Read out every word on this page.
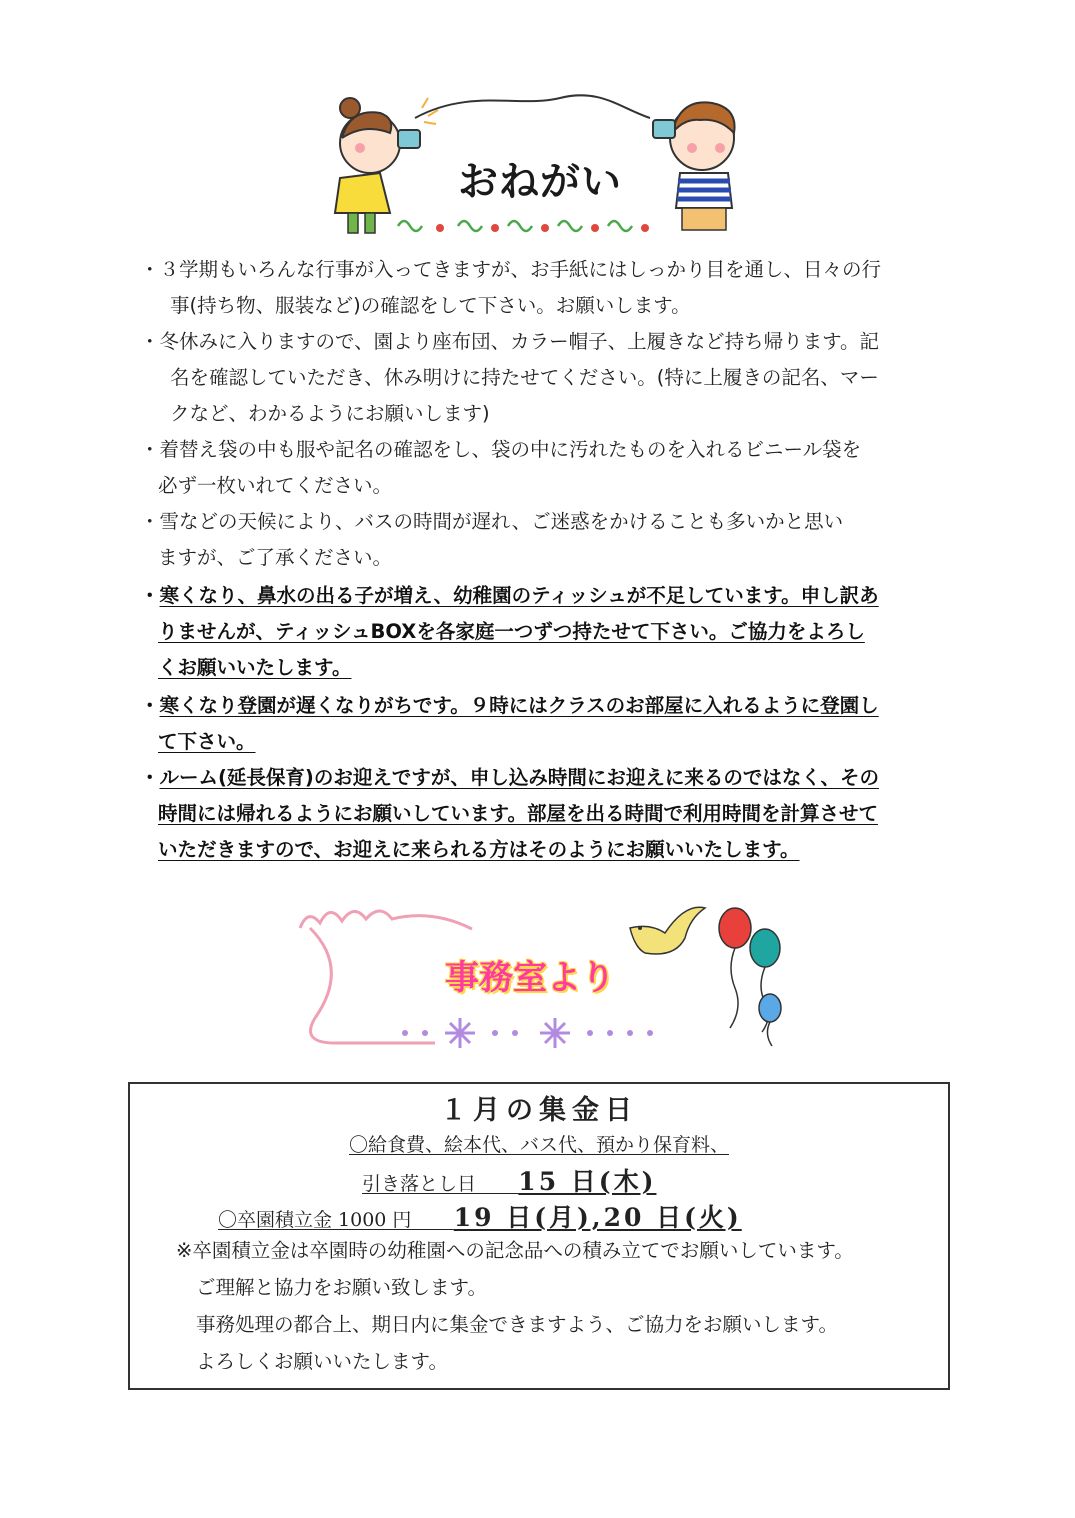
おねがい
・３学期もいろんな行事が入ってきますが、お手紙にはしっかり目を通し、日々の行
事(持ち物、服装など)の確認をして下さい。お願いします。
・冬休みに入りますので、園より座布団、カラー帽子、上履きなど持ち帰ります。記
名を確認していただき、休み明けに持たせてください。(特に上履きの記名、マー
クなど、わかるようにお願いします)
・着替え袋の中も服や記名の確認をし、袋の中に汚れたものを入れるビニール袋を
必ず一枚いれてください。
・雪などの天候により、バスの時間が遅れ、ご迷惑をかけることも多いかと思い
ますが、ご了承ください。
・寒くなり、鼻水の出る子が増え、幼稚園のティッシュが不足しています。申し訳あ
りませんが、ティッシュBOXを各家庭一つずつ持たせて下さい。ご協力をよろし
くお願いいたします。
・寒くなり登園が遅くなりがちです。９時にはクラスのお部屋に入れるように登園し
て下さい。
・ルーム(延長保育)のお迎えですが、申し込み時間にお迎えに来るのではなく、その
時間には帰れるようにお願いしています。部屋を出る時間で利用時間を計算させて
いただきますので、お迎えに来られる方はそのようにお願いいたします。
事務室より
１月の集金日
〇給食費、絵本代、バス代、預かり保育料、
引き落とし日 15 日(木)
〇卒園積立金 1000 円 19 日(月),20 日(火)
※卒園積立金は卒園時の幼稚園への記念品への積み立てでお願いしています。
ご理解と協力をお願い致します。
事務処理の都合上、期日内に集金できますよう、ご協力をお願いします。
よろしくお願いいたします。
